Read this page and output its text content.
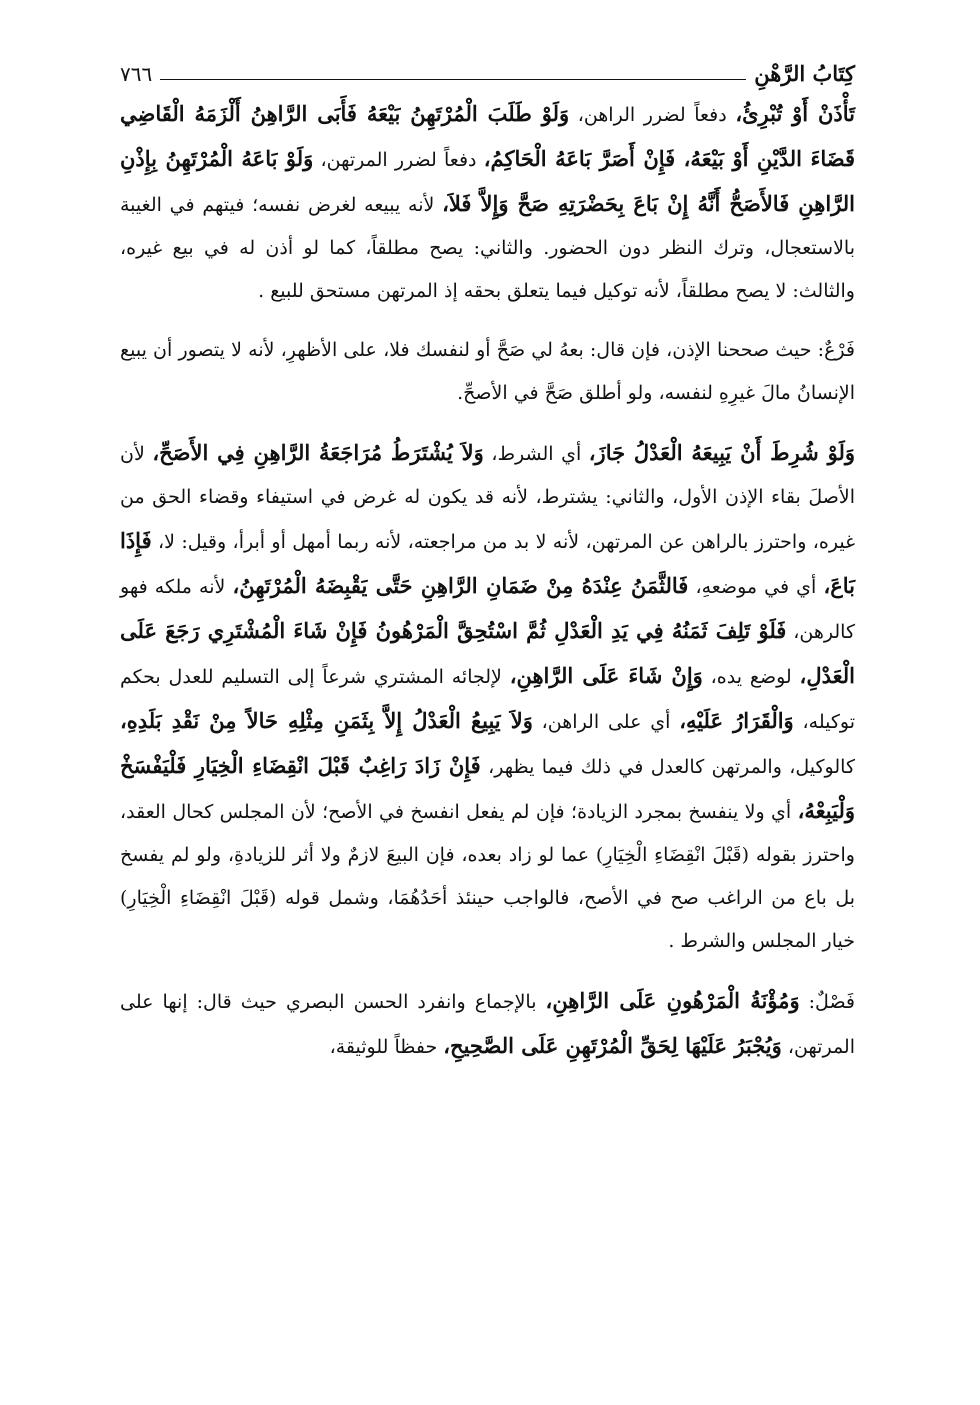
كِتَابُ الرَّهْنِ
٧٦٦

تَأْذَنْ أَوْ تُبْرِئُ، دفعاً لضرر الراهن، وَلَوْ طَلَبَ الْمُرْتَهِنُ بَيْعَهُ فَأَبَى الرَّاهِنُ أَلْزَمَهُ الْقَاضِي قَضَاءَ الدَّيْنِ أَوْ بَيْعَهُ، فَإِنْ أَصَرَّ بَاعَهُ الْحَاكِمُ، دفعاً لضرر المرتهن، وَلَوْ بَاعَهُ الْمُرْتَهِنُ بِإِذْنِ الرَّاهِنِ فَالأَصَحُّ أَنَّهُ إِنْ بَاعَ بِحَضْرَتِهِ صَحَّ وَإِلاَّ فَلاَ، لأنه يبيعه لغرض نفسه؛ فيتهم في الغيبة بالاستعجال، وترك النظر دون الحضور. والثاني: يصح مطلقاً، كما لو أذن له في بيع غيره، والثالث: لا يصح مطلقاً، لأنه توكيل فيما يتعلق بحقه إذ المرتهن مستحق للبيع .

فَرْعٌ: حيث صححنا الإذن، فإن قال: بعهُ لي صَحَّ أو لنفسك فلا، على الأظهرِ، لأنه لا يتصور أن يبيع الإنسانُ مالَ غيرِهِ لنفسه، ولو أطلق صَحَّ في الأصحِّ.

وَلَوْ شُرِطَ أَنْ يَبِيعَهُ الْعَدْلُ جَازَ، أي الشرط، وَلاَ يُشْتَرَطُ مُرَاجَعَةُ الرَّاهِنِ فِي الأَصَحِّ، لأن الأصلَ بقاء الإذن الأول، والثاني: يشترط، لأنه قد يكون له غرض في استيفاء وقضاء الحق من غيره، واحترز بالراهن عن المرتهن، لأنه لا بد من مراجعته، لأنه ربما أمهل أو أبرأ، وقيل: لا، فَإِذَا بَاعَ، أي في موضعهِ، فَالثَّمَنُ عِنْدَهُ مِنْ ضَمَانِ الرَّاهِنِ حَتَّى يَقْبِضَهُ الْمُرْتَهِنُ، لأنه ملكه فهو كالرهن، فَلَوْ تَلِفَ ثَمَنُهُ فِي يَدِ الْعَدْلِ ثُمَّ اسْتُحِقَّ الْمَرْهُونُ فَإِنْ شَاءَ الْمُشْتَرِي رَجَعَ عَلَى الْعَدْلِ، لوضع يده، وَإِنْ شَاءَ عَلَى الرَّاهِنِ، لإلجائه المشتري شرعاً إلى التسليم للعدل بحكم توكيله، وَالْقَرَارُ عَلَيْهِ، أي على الراهن، وَلاَ يَبِيعُ الْعَدْلُ إِلاَّ بِثَمَنِ مِثْلِهِ حَالاً مِنْ نَقْدِ بَلَدِهِ، كالوكيل، والمرتهن كالعدل في ذلك فيما يظهر، فَإِنْ زَادَ رَاغِبٌ قَبْلَ انْقِضَاءِ الْخِيَارِ فَلْيَفْسَخْ وَلْيَبِعْهُ، أي ولا ينفسخ بمجرد الزيادة؛ فإن لم يفعل انفسخ في الأصح؛ لأن المجلس كحال العقد، واحترز بقوله (قَبْلَ انْقِضَاءِ الْخِيَارِ) عما لو زاد بعده، فإن البيعَ لازمٌ ولا أثر للزيادةِ، ولو لم يفسخ بل باع من الراغب صح في الأصح، فالواجب حينئذ أحَدُهُمَا، وشمل قوله (قَبْلَ انْقِضَاءِ الْخِيَارِ) خيار المجلس والشرط .

فَصْلٌ: وَمُؤْنَةُ الْمَرْهُونِ عَلَى الرَّاهِنِ، بالإجماع وانفرد الحسن البصري حيث قال: إنها على المرتهن، وَيُجْبَرُ عَلَيْهَا لِحَقِّ الْمُرْتَهِنِ عَلَى الصَّحِيحِ، حفظاً للوثيقة،
